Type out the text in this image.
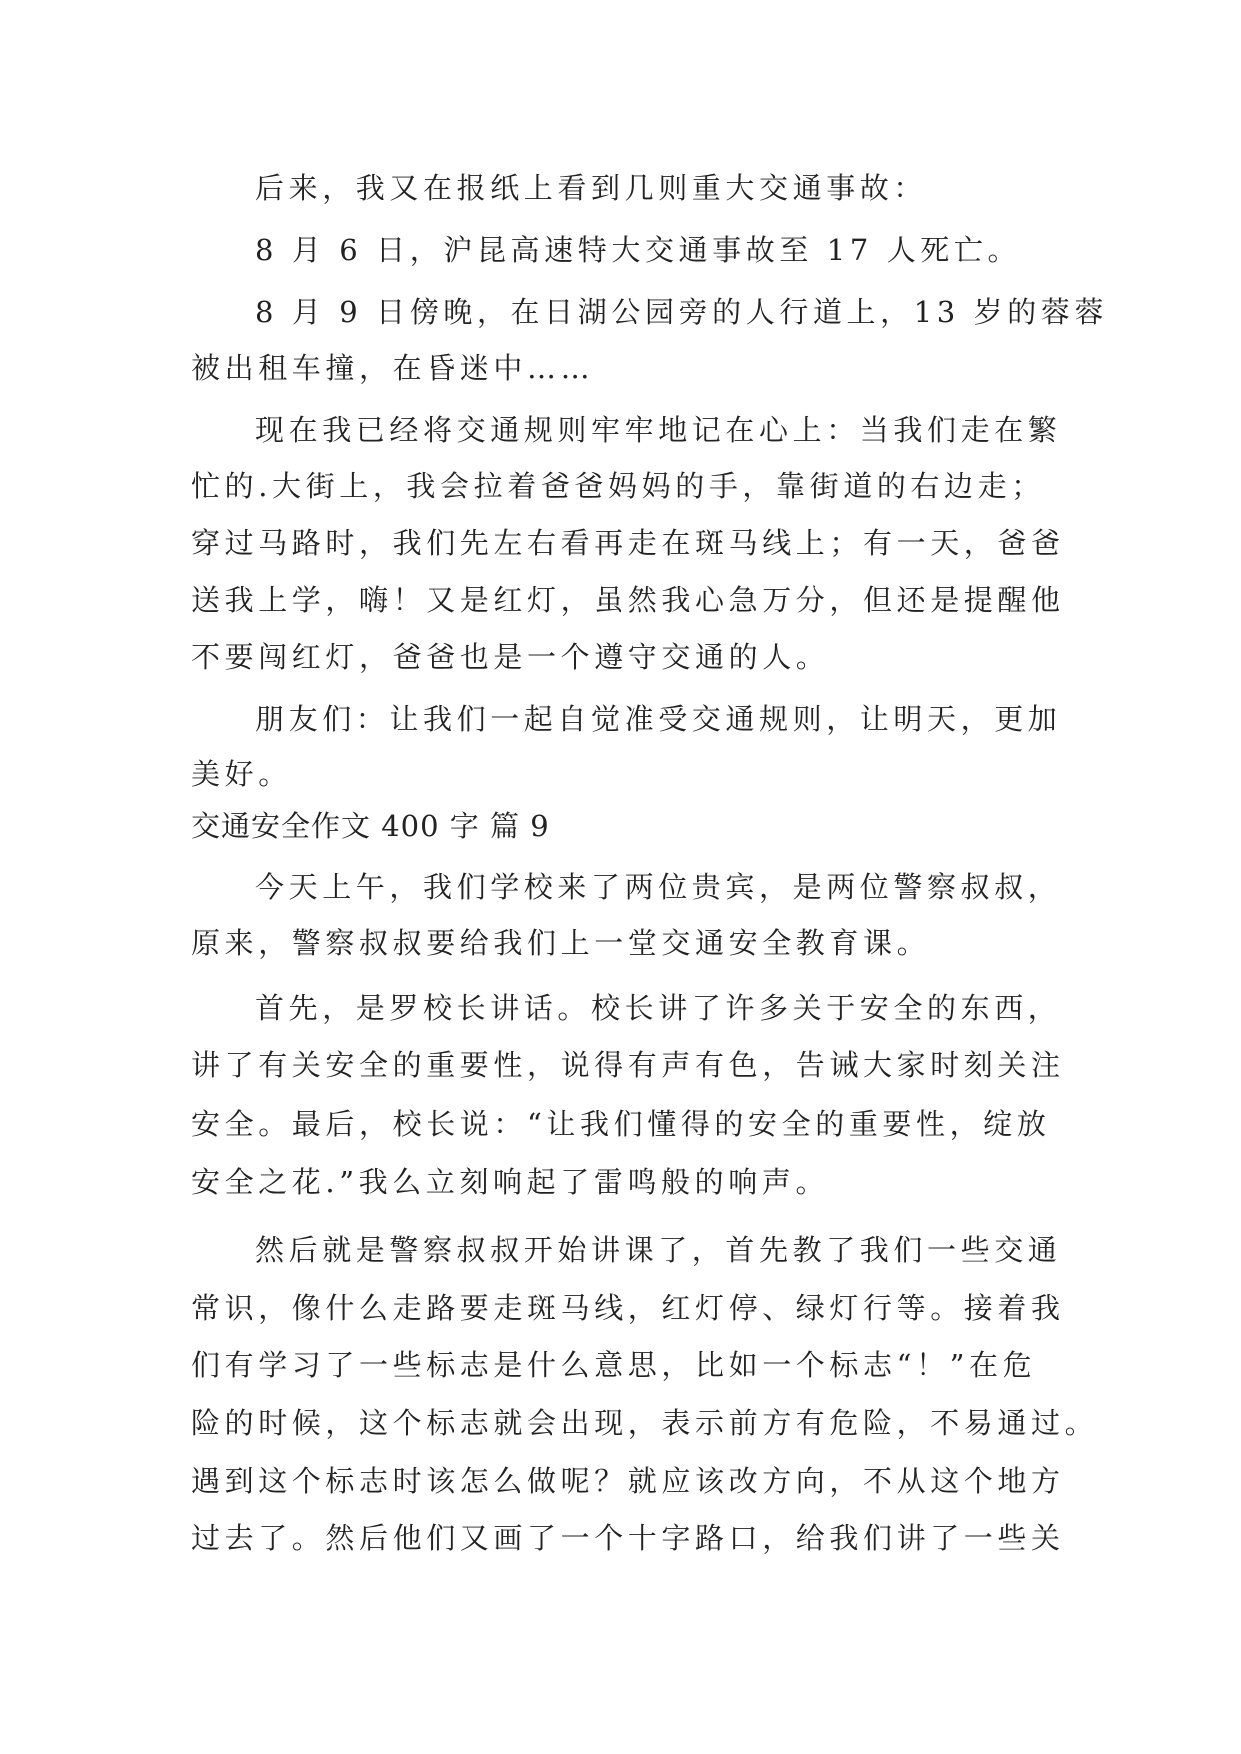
后来，我又在报纸上看到几则重大交通事故：
8 月 6 日，沪昆高速特大交通事故至 17 人死亡。
8 月 9 日傍晚，在日湖公园旁的人行道上，13 岁的蓉蓉
被出租车撞，在昏迷中……
现在我已经将交通规则牢牢地记在心上：当我们走在繁
忙的.大街上，我会拉着爸爸妈妈的手，靠街道的右边走；
穿过马路时，我们先左右看再走在斑马线上；有一天，爸爸
送我上学，嗨！又是红灯，虽然我心急万分，但还是提醒他
不要闯红灯，爸爸也是一个遵守交通的人。
朋友们：让我们一起自觉准受交通规则，让明天，更加
美好。
交通安全作文 400 字 篇 9
今天上午，我们学校来了两位贵宾，是两位警察叔叔，
原来，警察叔叔要给我们上一堂交通安全教育课。
首先，是罗校长讲话。校长讲了许多关于安全的东西，
讲了有关安全的重要性，说得有声有色，告诫大家时刻关注
安全。最后，校长说：“让我们懂得的安全的重要性，绽放
安全之花.”我么立刻响起了雷鸣般的响声。
然后就是警察叔叔开始讲课了，首先教了我们一些交通
常识，像什么走路要走斑马线，红灯停、绿灯行等。接着我
们有学习了一些标志是什么意思，比如一个标志“！”在危
险的时候，这个标志就会出现，表示前方有危险，不易通过。
遇到这个标志时该怎么做呢？就应该改方向，不从这个地方
过去了。然后他们又画了一个十字路口，给我们讲了一些关
